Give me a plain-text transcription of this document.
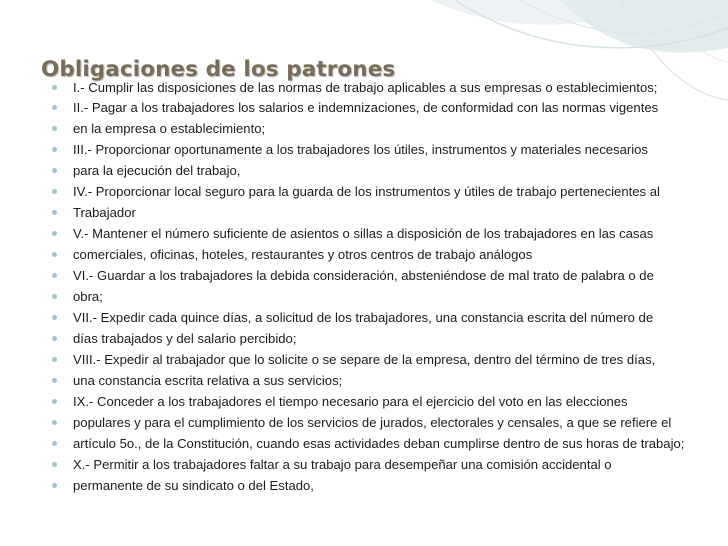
Obligaciones de los patrones
I.- Cumplir las disposiciones de las normas de trabajo aplicables a sus empresas o establecimientos;
II.- Pagar a los trabajadores los salarios e indemnizaciones, de conformidad con las normas vigentes
en la empresa o establecimiento;
III.- Proporcionar oportunamente a los trabajadores los útiles, instrumentos y materiales necesarios
para la ejecución del trabajo,
IV.- Proporcionar local seguro para la guarda de los instrumentos y útiles de trabajo pertenecientes al
Trabajador
V.- Mantener el número suficiente de asientos o sillas a disposición de los trabajadores en las casas
comerciales, oficinas, hoteles, restaurantes y otros centros de trabajo análogos
VI.- Guardar a los trabajadores la debida consideración, absteniéndose de mal trato de palabra o de
obra;
VII.- Expedir cada quince días, a solicitud de los trabajadores, una constancia escrita del número de
días trabajados y del salario percibido;
VIII.- Expedir al trabajador que lo solicite o se separe de la empresa, dentro del término de tres días,
una constancia escrita relativa a sus servicios;
IX.- Conceder a los trabajadores el tiempo necesario para el ejercicio del voto en las elecciones
populares y para el cumplimiento de los servicios de jurados, electorales y censales, a que se refiere el
artículo 5o., de la Constitución, cuando esas actividades deban cumplirse dentro de sus horas de trabajo;
X.- Permitir a los trabajadores faltar a su trabajo para desempeñar una comisión accidental o
permanente de su sindicato o del Estado,
